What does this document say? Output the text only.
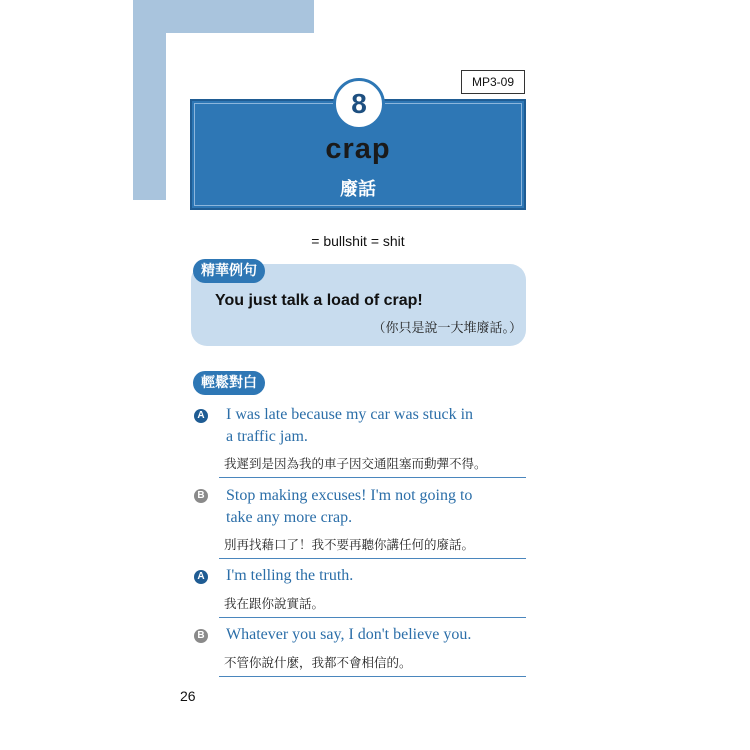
MP3-09
8
crap
廢話
= bullshit = shit
精華例句
You just talk a load of crap!
（你只是說一大堆廢話。）
輕鬆對白
A I was late because my car was stuck in
a traffic jam.
我遲到是因為我的車子因交通阻塞而動彈不得。
B Stop making excuses! I'm not going to
take any more crap.
別再找藉口了！我不要再聽你講任何的廢話。
A I'm telling the truth.
我在跟你說實話。
B Whatever you say, I don't believe you.
不管你說什麼，我都不會相信的。
26
